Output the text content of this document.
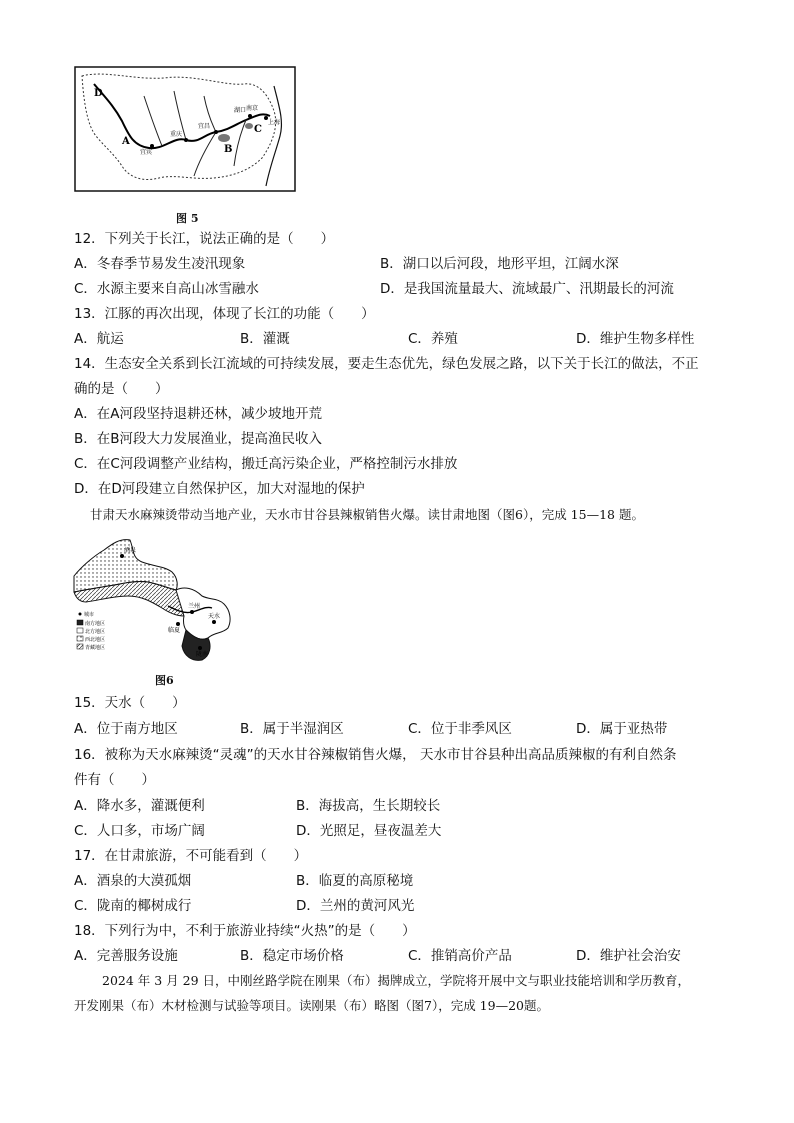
A
B
C
D
湖口 南京
上海
宜宾
宜昌
重庆
图 5
12．下列关于长江，说法正确的是（　　）
A．冬春季节易发生凌汛现象	B．湖口以后河段，地形平坦，江阔水深
C．水源主要来自高山冰雪融水	D．是我国流量最大、流域最广、汛期最长的河流
13．江豚的再次出现，体现了长江的功能（　　）
A．航运	B．灌溉	C．养殖	D．维护生物多样性
14．生态安全关系到长江流域的可持续发展，要走生态优先，绿色发展之路，以下关于长江的做法，不正
确的是（　　）
A．在A河段坚持退耕还林，减少坡地开荒
B．在B河段大力发展渔业，提高渔民收入
C．在C河段调整产业结构，搬迁高污染企业，严格控制污水排放
D．在D河段建立自然保护区，加大对湿地的保护
甘肃天水麻辣烫带动当地产业，天水市甘谷县辣椒销售火爆。读甘肃地图（图6），完成 15—18 题。
酒泉
兰州
天水
临夏
陇南
城市
南方地区
北方地区
西北地区
青藏地区
图6
15．天水（　　）
A．位于南方地区	B．属于半湿润区	C．位于非季风区	D．属于亚热带
16．被称为天水麻辣烫“灵魂”的天水甘谷辣椒销售火爆， 天水市甘谷县种出高品质辣椒的有利自然条
件有（　　）
A．降水多，灌溉便利	B．海拔高，生长期较长
C．人口多，市场广阔	D．光照足，昼夜温差大
17．在甘肃旅游，不可能看到（　　）
A．酒泉的大漠孤烟	B．临夏的高原秘境
C．陇南的椰树成行	D．兰州的黄河风光
18．下列行为中，不利于旅游业持续“火热”的是（　　）
A．完善服务设施	B．稳定市场价格	C．推销高价产品	D．维护社会治安
2024 年 3 月 29 日，中刚丝路学院在刚果（布）揭牌成立，学院将开展中文与职业技能培训和学历教育，
开发刚果（布）木材检测与试验等项目。读刚果（布）略图（图7），完成 19—20题。
